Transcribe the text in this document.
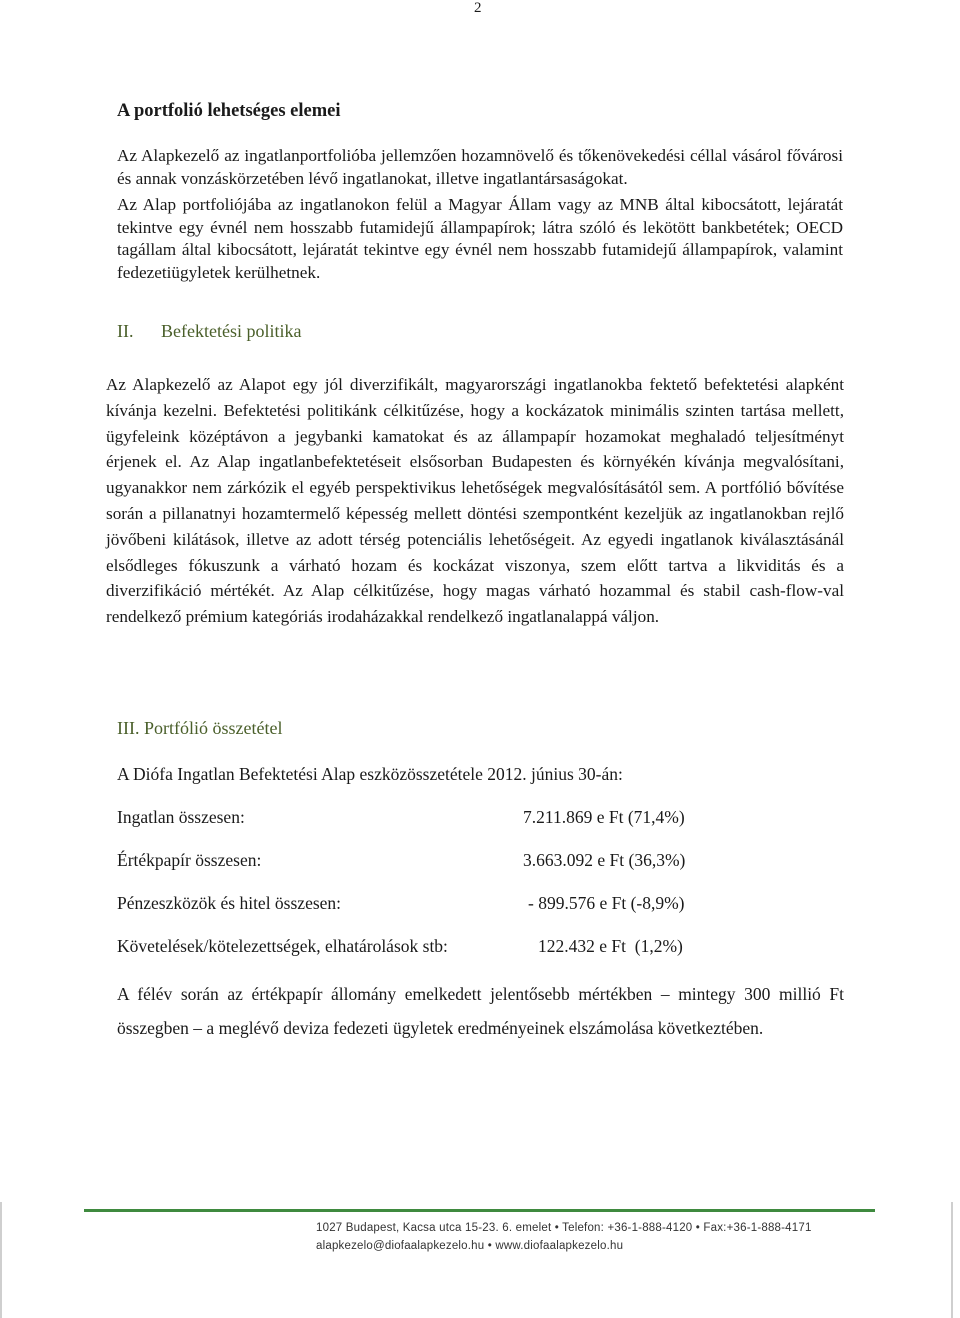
2
A portfolió lehetséges elemei
Az Alapkezelő az ingatlanportfolióba jellemzően hozamnövelő és tőkenövekedési céllal vásárol fővárosi és annak vonzáskörzetében lévő ingatlanokat, illetve ingatlantársaságokat.
Az Alap portfoliójába az ingatlanokon felül a Magyar Állam vagy az MNB által kibocsátott, lejáratát tekintve egy évnél nem hosszabb futamidejű állampapírok; látra szóló és lekötött bankbetétek; OECD tagállam által kibocsátott, lejáratát tekintve egy évnél nem hosszabb futamidejű állampapírok, valamint fedezetiügyletek kerülhetnek.
II. Befektetési politika
Az Alapkezelő az Alapot egy jól diverzifikált, magyarországi ingatlanokba fektető befektetési alapként kívánja kezelni. Befektetési politikánk célkitűzése, hogy a kockázatok minimális szinten tartása mellett, ügyfeleink középtávon a jegybanki kamatokat és az állampapír hozamokat meghaladó teljesítményt érjenek el. Az Alap ingatlanbefektetéseit elsősorban Budapesten és környékén kívánja megvalósítani, ugyanakkor nem zárkózik el egyéb perspektivikus lehetőségek megvalósításától sem. A portfólió bővítése során a pillanatnyi hozamtermelő képesség mellett döntési szempontként kezeljük az ingatlanokban rejlő jövőbeni kilátások, illetve az adott térség potenciális lehetőségeit. Az egyedi ingatlanok kiválasztásánál elsődleges fókuszunk a várható hozam és kockázat viszonya, szem előtt tartva a likviditás és a diverzifikáció mértékét. Az Alap célkitűzése, hogy magas várható hozammal és stabil cash-flow-val rendelkező prémium kategóriás irodaházakkal rendelkező ingatlanalappá váljon.
III. Portfólió összetétel
A Diófa Ingatlan Befektetési Alap eszközösszetétele 2012. június 30-án:
Ingatlan összesen:	7.211.869 e Ft (71,4%)
Értékpapír összesen:	3.663.092 e Ft (36,3%)
Pénzeszközök és hitel összesen:	- 899.576 e Ft (-8,9%)
Követelések/kötelezettségek, elhatárolások stb:	122.432 e Ft  (1,2%)
A félév során az értékpapír állomány emelkedett jelentősebb mértékben – mintegy 300 millió Ft összegben – a meglévő deviza fedezeti ügyletek eredményeinek elszámolása következtében.
1027 Budapest, Kacsa utca 15-23. 6. emelet • Telefon: +36-1-888-4120 • Fax:+36-1-888-4171
alapkezelo@diofaalapkezelo.hu • www.diofaalapkezelo.hu
